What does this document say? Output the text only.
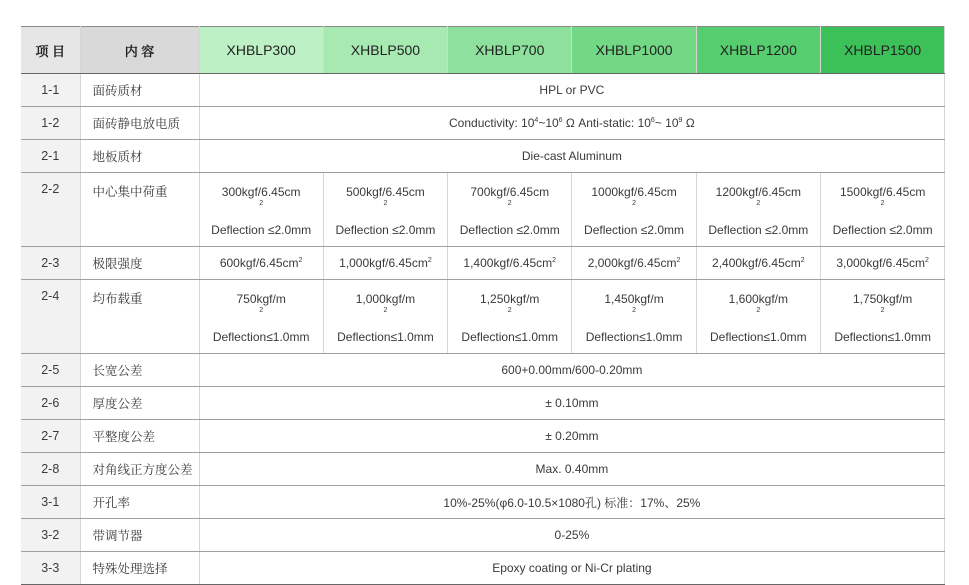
项 目	内 容	XHBLP300	XHBLP500	XHBLP700	XHBLP1000	XHBLP1200	XHBLP1500
1-1	面砖质材	HPL or PVC					
1-2	面砖静电放电质	Conductivity: $10^4\sim 10^6$ Ω Anti-static: $10^6\sim$ $10^9$ Ω					
2-1	地板质材	Die-cast Aluminum					
2-2	中心集中荷重	300kgf/6.45cm
$^2$
Deflection ≤2.0mm	500kgf/6.45cm
$^2$
Deflection ≤2.0mm	700kgf/6.45cm
$^2$
Deflection ≤2.0mm	1000kgf/6.45cm
$^2$
Deflection ≤2.0mm	1200kgf/6.45cm
$^2$
Deflection ≤2.0mm	1500kgf/6.45cm
$^2$
Deflection ≤2.0mm

2-3	极限强度	$600kgf/6.45cm^2$	$1,000kgf/6.45cm^2$	$1,400kgf/6.45cm^2$	$2,000kgf/6.45cm^2$	$2,400kgf/6.45cm^2$	$3,000kgf/6.45cm^2$
2-4	均布载重	750kgf/m
$^2$
Deflection≤1.0mm	1,000kgf/m
$^2$
Deflection≤1.0mm	1,250kgf/m
$^2$
Deflection≤1.0mm	1,450kgf/m
$^2$
Deflection≤1.0mm	1,600kgf/m
$^2$
Deflection≤1.0mm	1,750kgf/m
$^2$
Deflection≤1.0mm

2-5	长宽公差	600+0.00mm/600-0.20mm					
2-6	厚度公差	± 0.10mm					
2-7	平整度公差	± 0.20mm					
2-8	对角线正方度公差	Max. 0.40mm					
3-1	开孔率	10%-25%(φ6.0-10.5×1080孔) 标准：17%、25%					
3-2	带调节器	0-25%					
3-3	特殊处理选择	Epoxy coating or Ni-Cr plating					
